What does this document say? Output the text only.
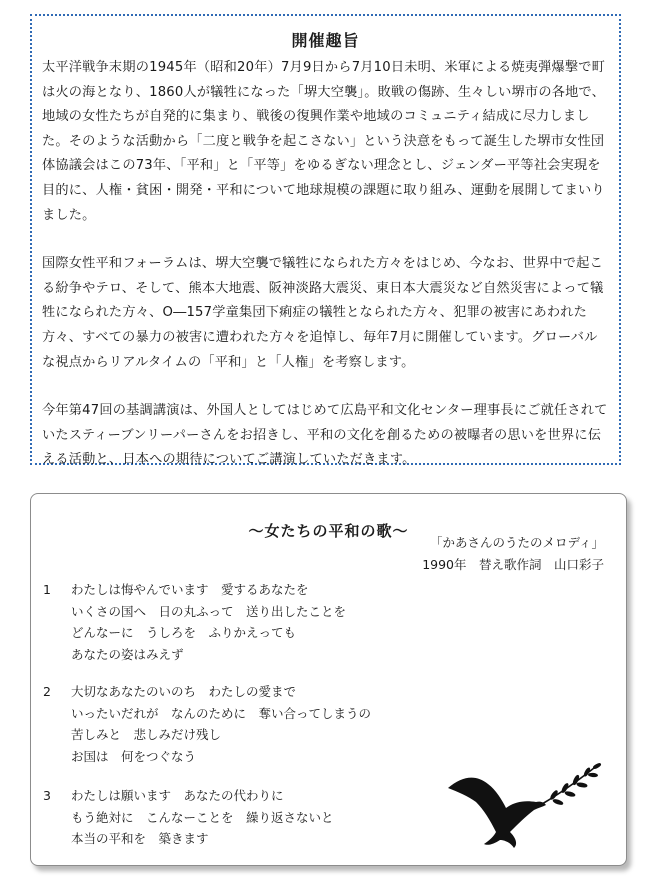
開催趣旨

太平洋戦争末期の1945年（昭和20年）7月9日から7月10日未明、米軍による焼夷弾爆撃で町は火の海となり、1860人が犠牲になった「堺大空襲」。敗戦の傷跡、生々しい堺市の各地で、地域の女性たちが自発的に集まり、戦後の復興作業や地域のコミュニティ結成に尽力しました。そのような活動から「二度と戦争を起こさない」という決意をもって誕生した堺市女性団体協議会はこの73年、「平和」と「平等」をゆるぎない理念とし、ジェンダー平等社会実現を目的に、人権・貧困・開発・平和について地球規模の課題に取り組み、運動を展開してまいりました。

国際女性平和フォーラムは、堺大空襲で犠牲になられた方々をはじめ、今なお、世界中で起こる紛争やテロ、そして、熊本大地震、阪神淡路大震災、東日本大震災など自然災害によって犠牲になられた方々、O―157学童集団下痢症の犠牲となられた方々、犯罪の被害にあわれた方々、すべての暴力の被害に遭われた方々を追悼し、毎年7月に開催しています。グローバルな視点からリアルタイムの「平和」と「人権」を考察します。

今年第47回の基調講演は、外国人としてはじめて広島平和文化センター理事長にご就任されていたスティーブンリーパーさんをお招きし、平和の文化を創るための被曝者の思いを世界に伝える活動と、日本への期待についてご講演していただきます。

～女たちの平和の歌～
「かあさんのうたのメロディ」
1990年　替え歌作詞　山口彩子
1 わたしは悔やんでいます　愛するあなたを
いくさの国へ　日の丸ふって　送り出したことを
どんなーに　うしろを　ふりかえっても
あなたの姿はみえず
2 大切なあなたのいのち　わたしの愛まで
いったいだれが　なんのために　奪い合ってしまうの
苦しみと　悲しみだけ残し
お国は　何をつぐなう
3 わたしは願います　あなたの代わりに
もう絶対に　こんなーことを　繰り返さないと
本当の平和を　築きます
